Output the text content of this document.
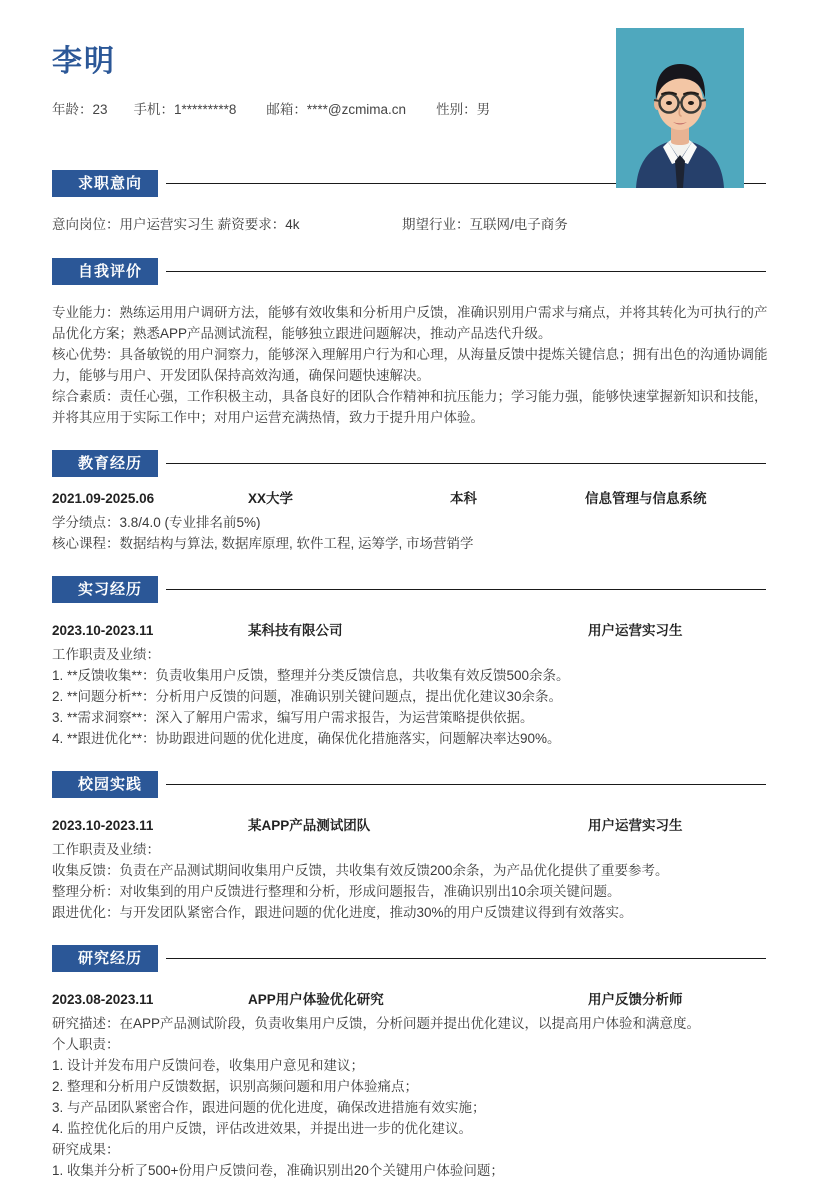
李明
年龄：23 手机：1*********8 邮箱：****@zcmima.cn 性别：男
求职意向
意向岗位：用户运营实习生 薪资要求：4k	期望行业：互联网/电子商务
自我评价
专业能力：熟练运用用户调研方法，能够有效收集和分析用户反馈，准确识别用户需求与痛点，并将其转化为可执行的产品优化方案；熟悉APP产品测试流程，能够独立跟进问题解决，推动产品迭代升级。
核心优势：具备敏锐的用户洞察力，能够深入理解用户行为和心理，从海量反馈中提炼关键信息；拥有出色的沟通协调能力，能够与用户、开发团队保持高效沟通，确保问题快速解决。
综合素质：责任心强，工作积极主动，具备良好的团队合作精神和抗压能力；学习能力强，能够快速掌握新知识和技能，并将其应用于实际工作中；对用户运营充满热情，致力于提升用户体验。
教育经历
2021.09-2025.06	XX大学	本科	信息管理与信息系统
学分绩点：3.8/4.0 (专业排名前5%)
核心课程：数据结构与算法, 数据库原理, 软件工程, 运筹学, 市场营销学
实习经历
2023.10-2023.11	某科技有限公司	用户运营实习生
工作职责及业绩：
1. **反馈收集**：负责收集用户反馈，整理并分类反馈信息，共收集有效反馈500余条。
2. **问题分析**：分析用户反馈的问题，准确识别关键问题点，提出优化建议30余条。
3. **需求洞察**：深入了解用户需求，编写用户需求报告，为运营策略提供依据。
4. **跟进优化**：协助跟进问题的优化进度，确保优化措施落实，问题解决率达90%。
校园实践
2023.10-2023.11	某APP产品测试团队	用户运营实习生
工作职责及业绩：
收集反馈：负责在产品测试期间收集用户反馈，共收集有效反馈200余条，为产品优化提供了重要参考。
整理分析：对收集到的用户反馈进行整理和分析，形成问题报告，准确识别出10余项关键问题。
跟进优化：与开发团队紧密合作，跟进问题的优化进度，推动30%的用户反馈建议得到有效落实。
研究经历
2023.08-2023.11	APP用户体验优化研究	用户反馈分析师
研究描述：在APP产品测试阶段，负责收集用户反馈，分析问题并提出优化建议，以提高用户体验和满意度。
个人职责：
1. 设计并发布用户反馈问卷，收集用户意见和建议；
2. 整理和分析用户反馈数据，识别高频问题和用户体验痛点；
3. 与产品团队紧密合作，跟进问题的优化进度，确保改进措施有效实施；
4. 监控优化后的用户反馈，评估改进效果，并提出进一步的优化建议。
研究成果：
1. 收集并分析了500+份用户反馈问卷，准确识别出20个关键用户体验问题；
